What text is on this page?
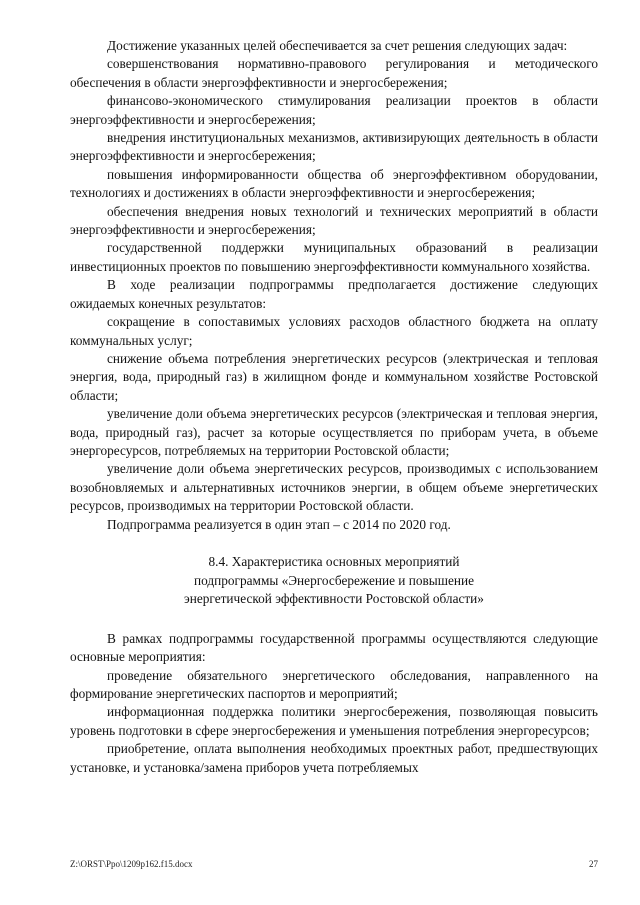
Достижение указанных целей обеспечивается за счет решения следующих задач:

совершенствования нормативно-правового регулирования и методического обеспечения в области энергоэффективности и энергосбережения;

финансово-экономического стимулирования реализации проектов в области энергоэффективности и энергосбережения;

внедрения институциональных механизмов, активизирующих деятельность в области энергоэффективности и энергосбережения;

повышения информированности общества об энергоэффективном оборудовании, технологиях и достижениях в области энергоэффективности и энергосбережения;

обеспечения внедрения новых технологий и технических мероприятий в области энергоэффективности и энергосбережения;

государственной поддержки муниципальных образований в реализации инвестиционных проектов по повышению энергоэффективности коммунального хозяйства.

В ходе реализации подпрограммы предполагается достижение следующих ожидаемых конечных результатов:

сокращение в сопоставимых условиях расходов областного бюджета на оплату коммунальных услуг;

снижение объема потребления энергетических ресурсов (электрическая и тепловая энергия, вода, природный газ) в жилищном фонде и коммунальном хозяйстве Ростовской области;

увеличение доли объема энергетических ресурсов (электрическая и тепловая энергия, вода, природный газ), расчет за которые осуществляется по приборам учета, в объеме энергоресурсов, потребляемых на территории Ростовской области;

увеличение доли объема энергетических ресурсов, производимых с использованием возобновляемых и альтернативных источников энергии, в общем объеме энергетических ресурсов, производимых на территории Ростовской области.

Подпрограмма реализуется в один этап – с 2014 по 2020 год.

8.4. Характеристика основных мероприятий
подпрограммы «Энергосбережение и повышение
энергетической эффективности Ростовской области»

В рамках подпрограммы государственной программы осуществляются следующие основные мероприятия:

проведение обязательного энергетического обследования, направленного на формирование энергетических паспортов и мероприятий;

информационная поддержка политики энергосбережения, позволяющая повысить уровень подготовки в сфере энергосбережения и уменьшения потребления энергоресурсов;

приобретение, оплата выполнения необходимых проектных работ, предшествующих установке, и установка/замена приборов учета потребляемых

Z:\ORST\Ppo\1209p162.f15.docx	27
